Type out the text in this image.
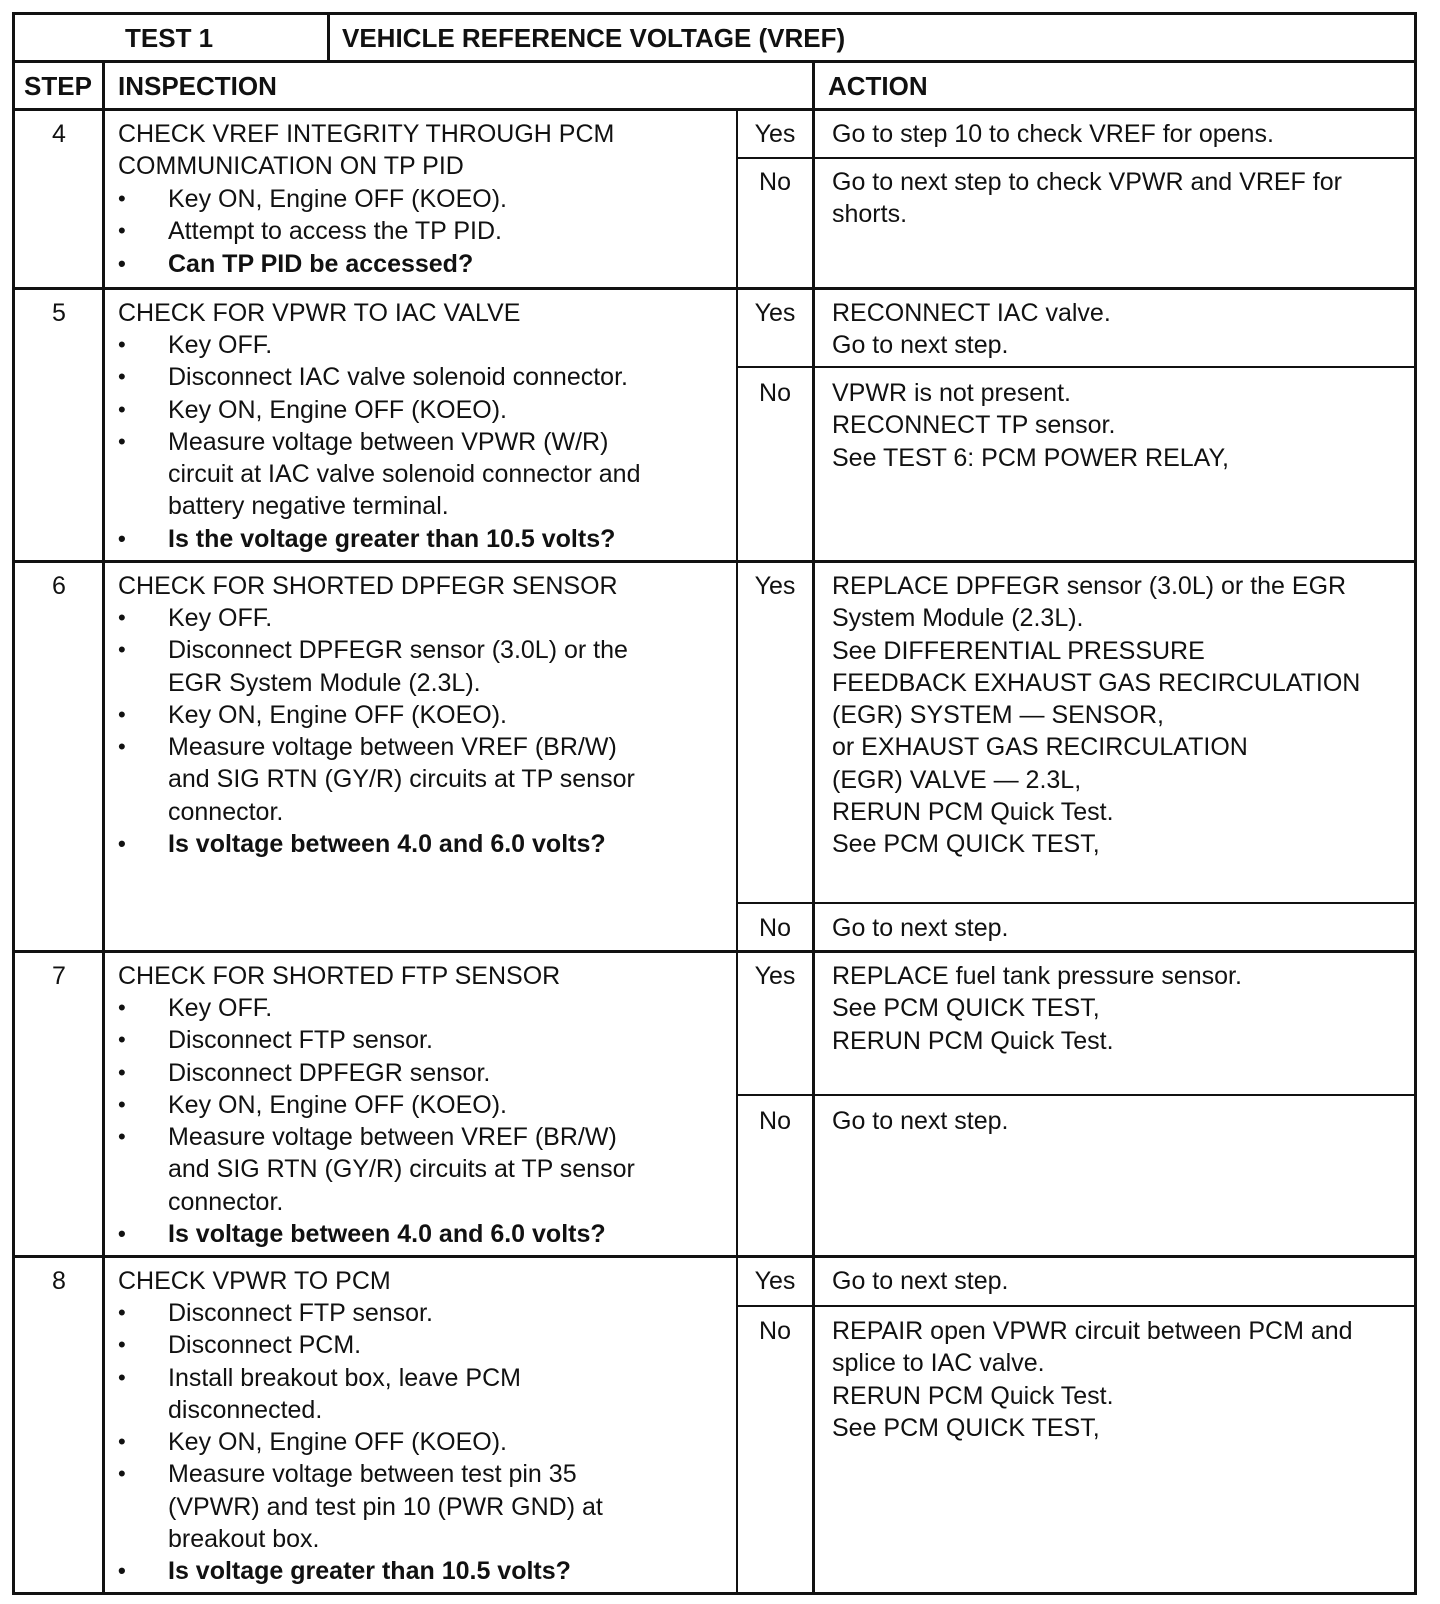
TEST 1	VEHICLE REFERENCE VOLTAGE (VREF)
STEP INSPECTION	ACTION
4	CHECK VREF INTEGRITY THROUGH PCM
COMMUNICATION ON TP PID
• Key ON, Engine OFF (KOEO).
• Attempt to access the TP PID.
• Can TP PID be accessed?
Yes	Go to step 10 to check VREF for opens.
No	Go to next step to check VPWR and VREF for
shorts.
5	CHECK FOR VPWR TO IAC VALVE
• Key OFF.
• Disconnect IAC valve solenoid connector.
• Key ON, Engine OFF (KOEO).
• Measure voltage between VPWR (W/R)
circuit at IAC valve solenoid connector and
battery negative terminal.
• Is the voltage greater than 10.5 volts?
Yes	RECONNECT IAC valve.
Go to next step.
No	VPWR is not present.
RECONNECT TP sensor.
See TEST 6: PCM POWER RELAY,
6	CHECK FOR SHORTED DPFEGR SENSOR
• Key OFF.
• Disconnect DPFEGR sensor (3.0L) or the
EGR System Module (2.3L).
• Key ON, Engine OFF (KOEO).
• Measure voltage between VREF (BR/W)
and SIG RTN (GY/R) circuits at TP sensor
connector.
• Is voltage between 4.0 and 6.0 volts?
Yes	REPLACE DPFEGR sensor (3.0L) or the EGR
System Module (2.3L).
See DIFFERENTIAL PRESSURE
FEEDBACK EXHAUST GAS RECIRCULATION
(EGR) SYSTEM — SENSOR,
or EXHAUST GAS RECIRCULATION
(EGR) VALVE — 2.3L,
RERUN PCM Quick Test.
See PCM QUICK TEST,
No	Go to next step.
7	CHECK FOR SHORTED FTP SENSOR
• Key OFF.
• Disconnect FTP sensor.
• Disconnect DPFEGR sensor.
• Key ON, Engine OFF (KOEO).
• Measure voltage between VREF (BR/W)
and SIG RTN (GY/R) circuits at TP sensor
connector.
• Is voltage between 4.0 and 6.0 volts?
Yes	REPLACE fuel tank pressure sensor.
See PCM QUICK TEST,
RERUN PCM Quick Test.
No	Go to next step.
8	CHECK VPWR TO PCM
• Disconnect FTP sensor.
• Disconnect PCM.
• Install breakout box, leave PCM
disconnected.
• Key ON, Engine OFF (KOEO).
• Measure voltage between test pin 35
(VPWR) and test pin 10 (PWR GND) at
breakout box.
• Is voltage greater than 10.5 volts?
Yes	Go to next step.
No	REPAIR open VPWR circuit between PCM and
splice to IAC valve.
RERUN PCM Quick Test.
See PCM QUICK TEST,
